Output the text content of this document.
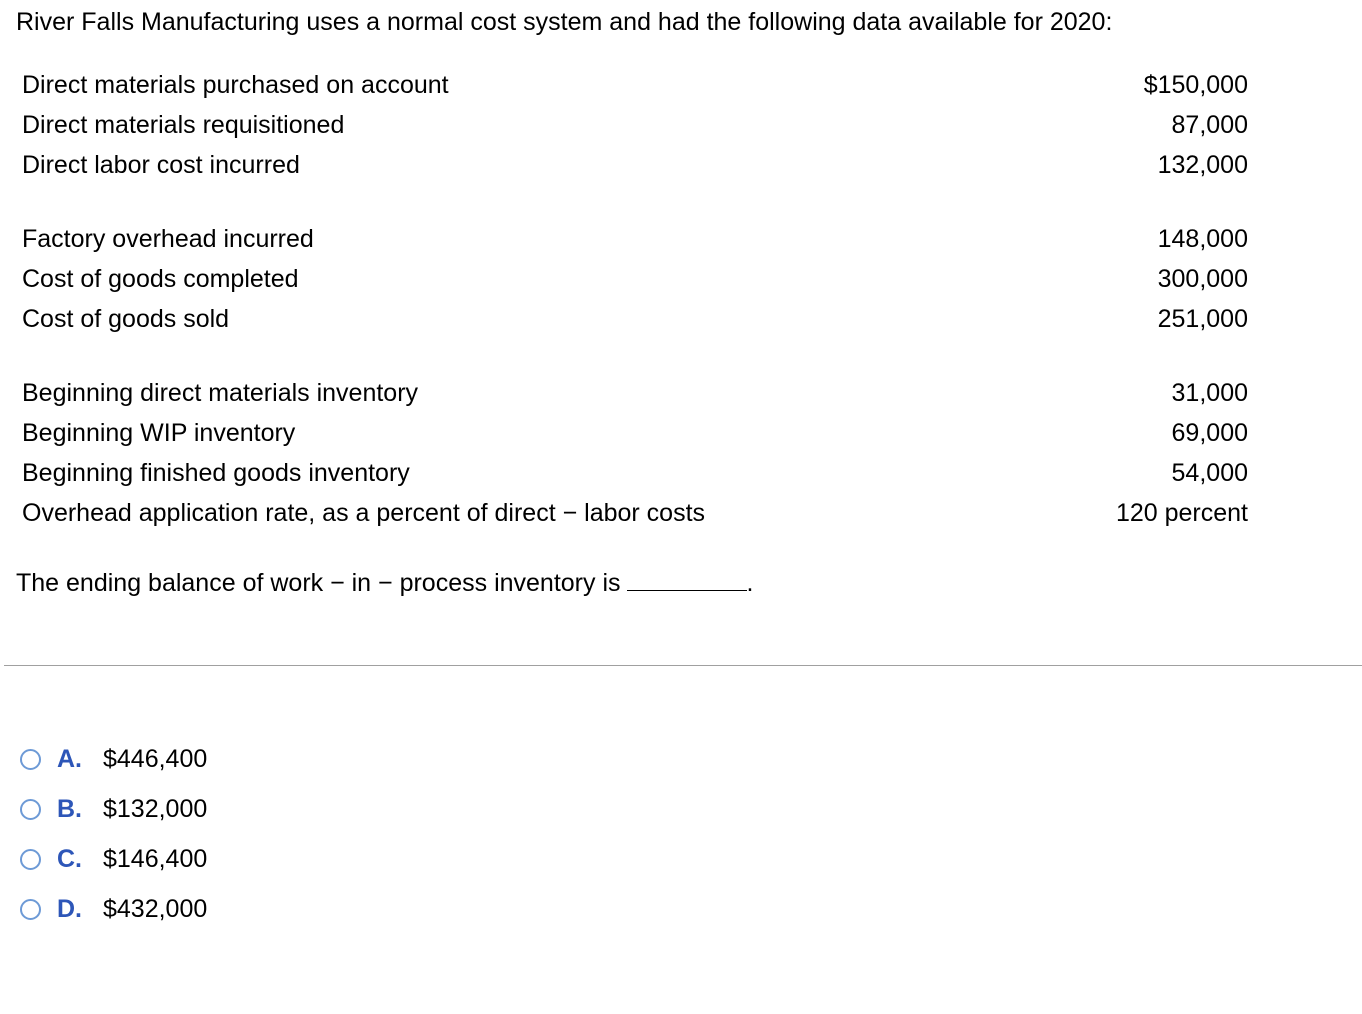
River Falls Manufacturing uses a normal cost system and had the following data available for 2020:
Direct materials purchased on account	$150,000
Direct materials requisitioned	87,000
Direct labor cost incurred	132,000
Factory overhead incurred	148,000
Cost of goods completed	300,000
Cost of goods sold	251,000
Beginning direct materials inventory	31,000
Beginning WIP inventory	69,000
Beginning finished goods inventory	54,000
Overhead application rate, as a percent of direct − labor costs	120 percent
The ending balance of work − in − process inventory is	.
A. $446,400
B. $132,000
C. $146,400
D. $432,000
